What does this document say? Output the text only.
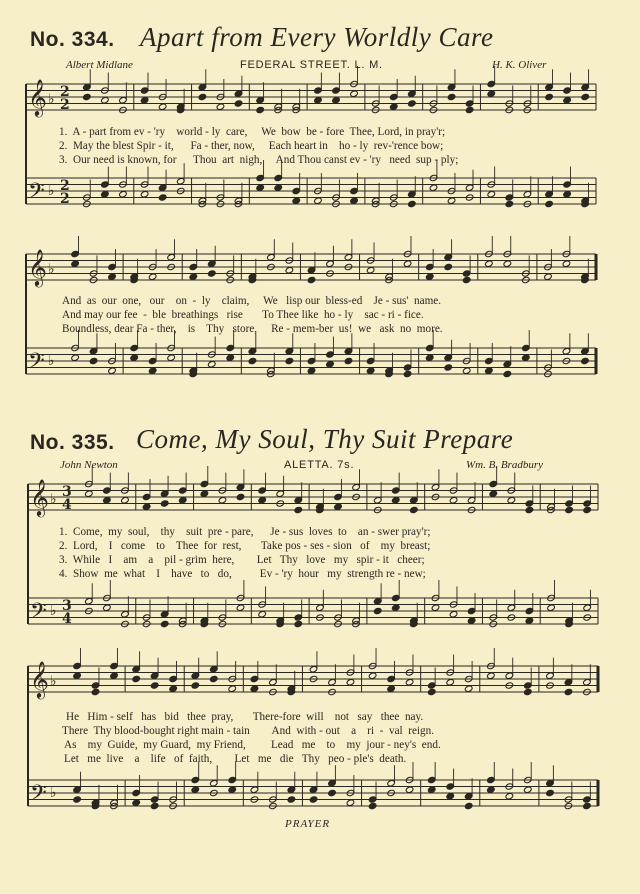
No. 334. Apart from Every Worldly Care
Albert Midlane	FEDERAL STREET. L. M.	H. K. Oliver
𝄞 ♭ 2
2
𝄢 ♭ 2
2
1.  A - part from ev - 'ry    world - ly  care,     We  bow  be - fore  Thee, Lord, in pray'r;
2.  May the blest Spir - it,      Fa - ther, now,     Each heart in    ho - ly  rev-'rence bow;
3.  Our need is known, for      Thou  art  nigh,     And Thou canst ev - 'ry   need  sup - ply;
𝄞 ♭
𝄢 ♭
And  as  our  one,   our    on  -  ly    claim,     We   lisp our  bless-ed    Je - sus'  name.
And may our fee  -  ble  breathings   rise       To Thee like  ho - ly    sac - ri - fice.
Boundless, dear Fa - ther,    is    Thy   store,     Re - mem-ber  us!  we   ask  no  more.
No. 335. Come, My Soul, Thy Suit Prepare
John Newton	ALETTA. 7s.	Wm. B. Bradbury
𝄞 ♭ 3
4
𝄢 ♭ 3
4
1.  Come,  my  soul,    thy    suit  pre - pare,      Je - sus  loves  to    an - swer pray'r;
2.  Lord,    I   come    to    Thee  for  rest,       Take pos - ses - sion   of    my  breast;
3.  While   I    am    a    pil - grim  here,        Let   Thy   love   my   spir - it   cheer;
4.  Show  me  what    I    have   to   do,          Ev - 'ry  hour   my  strength re - new;
𝄞 ♭
𝄢 ♭
He   Him - self   has   bid   thee  pray,       There-fore  will    not   say   thee  nay.
There  Thy blood-bought right main - tain        And  with - out    a    ri  -  val  reign.
As    my  Guide,  my Guard,  my Friend,         Lead   me    to    my  jour - ney's  end.
Let   me  live    a    life   of  faith,        Let   me   die   Thy   peo - ple's  death.
PRAYER
